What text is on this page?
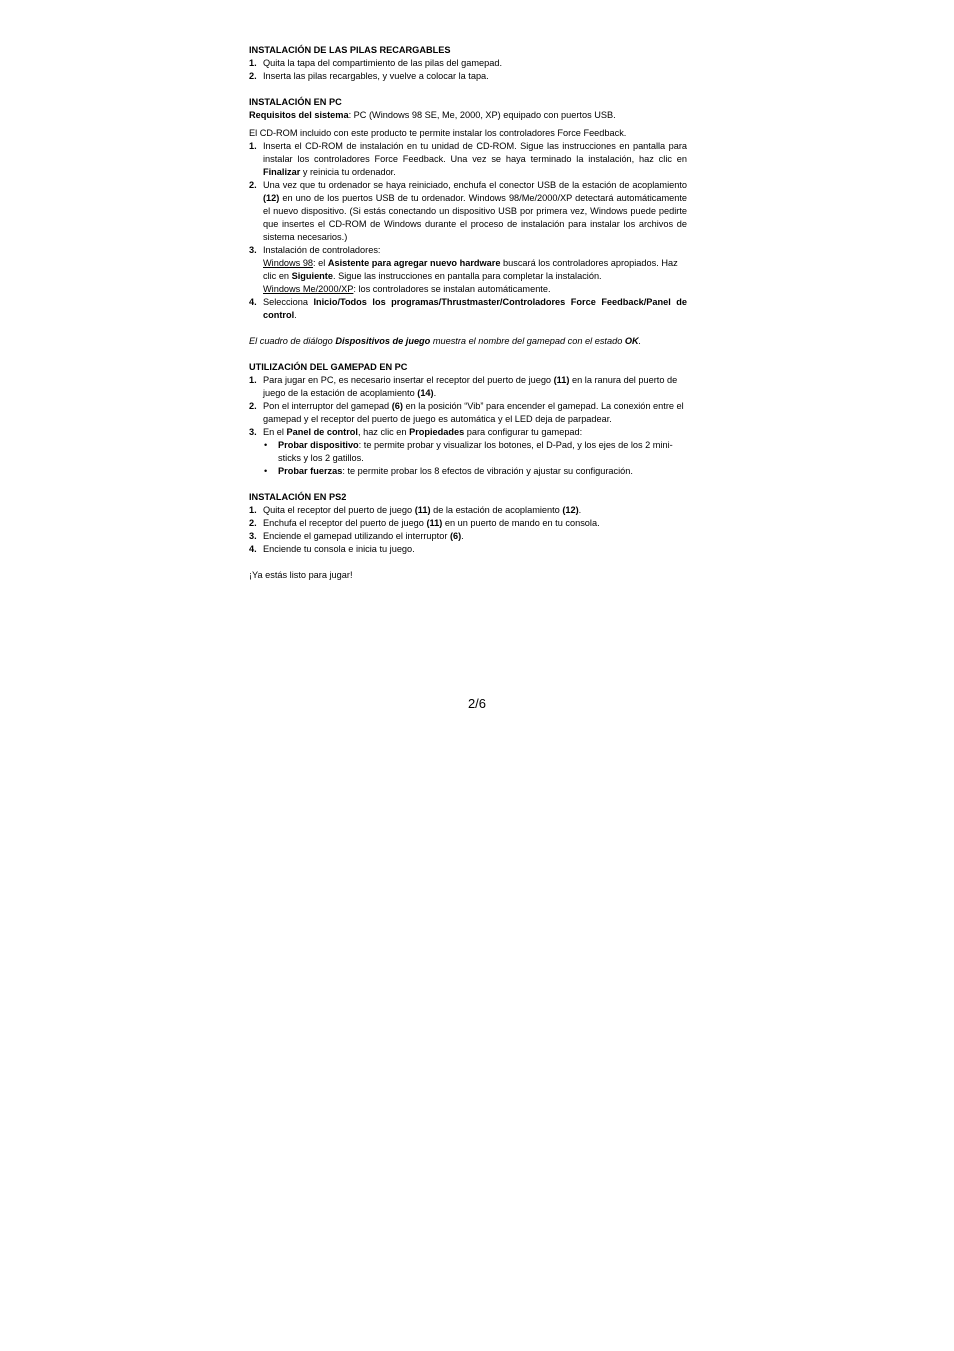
INSTALACIÓN DE LAS PILAS RECARGABLES

1. Quita la tapa del compartimiento de las pilas del gamepad.
2. Inserta las pilas recargables, y vuelve a colocar la tapa.

INSTALACIÓN EN PC

Requisitos del sistema: PC (Windows 98 SE, Me, 2000, XP) equipado con puertos USB.

El CD-ROM incluido con este producto te permite instalar los controladores Force Feedback.

1. Inserta el CD-ROM de instalación en tu unidad de CD-ROM. Sigue las instrucciones en pantalla para instalar los controladores Force Feedback. Una vez se haya terminado la instalación, haz clic en Finalizar y reinicia tu ordenador.
2. Una vez que tu ordenador se haya reiniciado, enchufa el conector USB de la estación de acoplamiento (12) en uno de los puertos USB de tu ordenador. Windows 98/Me/2000/XP detectará automáticamente el nuevo dispositivo. (Si estás conectando un dispositivo USB por primera vez, Windows puede pedirte que insertes el CD-ROM de Windows durante el proceso de instalación para instalar los archivos de sistema necesarios.)
3. Instalación de controladores:
Windows 98: el Asistente para agregar nuevo hardware buscará los controladores apropiados. Haz clic en Siguiente. Sigue las instrucciones en pantalla para completar la instalación.
Windows Me/2000/XP: los controladores se instalan automáticamente.
4. Selecciona Inicio/Todos los programas/Thrustmaster/Controladores Force Feedback/Panel de control.

El cuadro de diálogo Dispositivos de juego muestra el nombre del gamepad con el estado OK.

UTILIZACIÓN DEL GAMEPAD EN PC

1. Para jugar en PC, es necesario insertar el receptor del puerto de juego (11) en la ranura del puerto de juego de la estación de acoplamiento (14).
2. Pon el interruptor del gamepad (6) en la posición “Vib” para encender el gamepad. La conexión entre el gamepad y el receptor del puerto de juego es automática y el LED deja de parpadear.
3. En el Panel de control, haz clic en Propiedades para configurar tu gamepad:
• Probar dispositivo: te permite probar y visualizar los botones, el D-Pad, y los ejes de los 2 mini-sticks y los 2 gatillos.
• Probar fuerzas: te permite probar los 8 efectos de vibración y ajustar su configuración.

INSTALACIÓN EN PS2

1. Quita el receptor del puerto de juego (11) de la estación de acoplamiento (12).
2. Enchufa el receptor del puerto de juego (11) en un puerto de mando en tu consola.
3. Enciende el gamepad utilizando el interruptor (6).
4. Enciende tu consola e inicia tu juego.

¡Ya estás listo para jugar!

2/6
